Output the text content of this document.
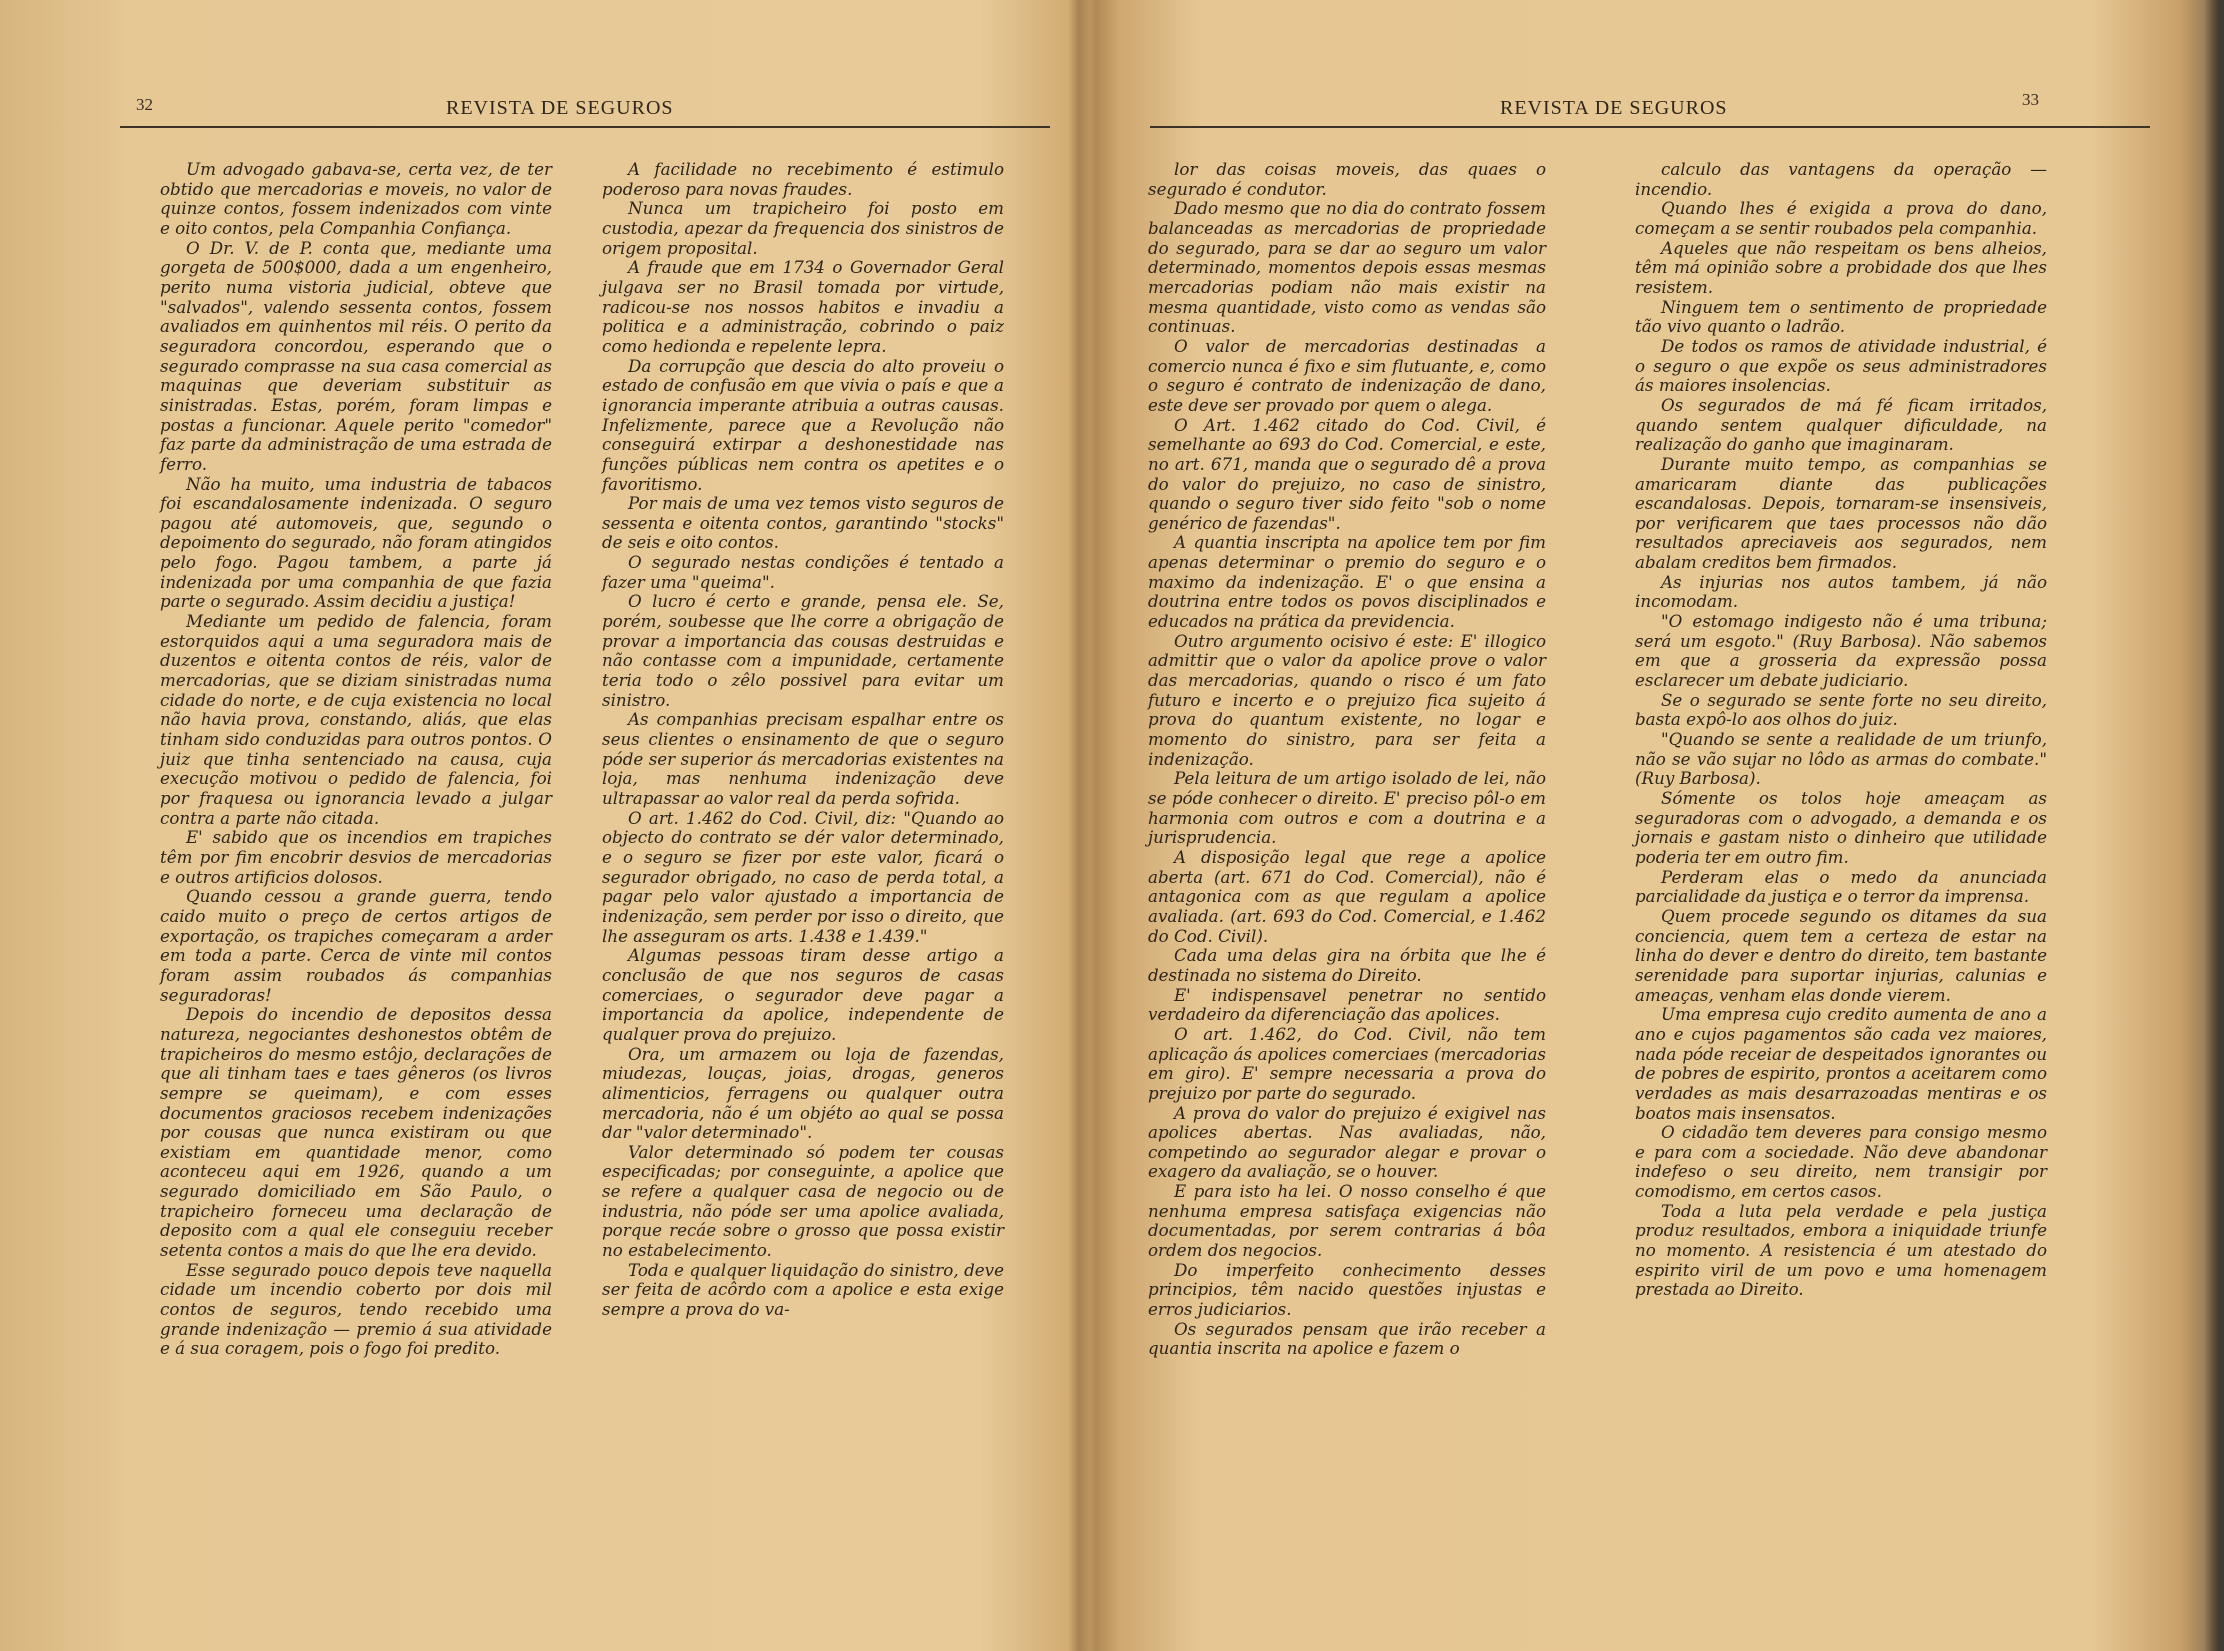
32	REVISTA DE SEGUROS

Um advogado gabava-se, certa vez, de ter obtido que mercadorias e moveis, no valor de quinze contos, fossem indenizados com vinte e oito contos, pela Companhia Confiança.

O Dr. V. de P. conta que, mediante uma gorgeta de 500$000, dada a um engenheiro, perito numa vistoria judicial, obteve que "salvados", valendo sessenta contos, fossem avaliados em quinhentos mil réis. O perito da seguradora concordou, esperando que o segurado comprasse na sua casa comercial as maquinas que deveriam substituir as sinistradas. Estas, porém, foram limpas e postas a funcionar. Aquele perito "comedor" faz parte da administração de uma estrada de ferro.

Não ha muito, uma industria de tabacos foi escandalosamente indenizada. O seguro pagou até automoveis, que, segundo o depoimento do segurado, não foram atingidos pelo fogo. Pagou tambem, a parte já indenizada por uma companhia de que fazia parte o segurado. Assim decidiu a justiça!

Mediante um pedido de falencia, foram estorquidos aqui a uma seguradora mais de duzentos e oitenta contos de réis, valor de mercadorias, que se diziam sinistradas numa cidade do norte, e de cuja existencia no local não havia prova, constando, aliás, que elas tinham sido conduzidas para outros pontos. O juiz que tinha sentenciado na causa, cuja execução motivou o pedido de falencia, foi por fraquesa ou ignorancia levado a julgar contra a parte não citada.

E' sabido que os incendios em trapiches têm por fim encobrir desvios de mercadorias e outros artificios dolosos.

Quando cessou a grande guerra, tendo caido muito o preço de certos artigos de exportação, os trapiches começaram a arder em toda a parte. Cerca de vinte mil contos foram assim roubados ás companhias seguradoras!

Depois do incendio de depositos dessa natureza, negociantes deshonestos obtêm de trapicheiros do mesmo estôjo, declarações de que ali tinham taes e taes gêneros (os livros sempre se queimam), e com esses documentos graciosos recebem indenizações por cousas que nunca existiram ou que existiam em quantidade menor, como aconteceu aqui em 1926, quando a um segurado domiciliado em São Paulo, o trapicheiro forneceu uma declaração de deposito com a qual ele conseguiu receber setenta contos a mais do que lhe era devido.

Esse segurado pouco depois teve naquella cidade um incendio coberto por dois mil contos de seguros, tendo recebido uma grande indenização — premio á sua atividade e á sua coragem, pois o fogo foi predito.

A facilidade no recebimento é estimulo poderoso para novas fraudes.

Nunca um trapicheiro foi posto em custodia, apezar da frequencia dos sinistros de origem proposital.

A fraude que em 1734 o Governador Geral julgava ser no Brasil tomada por virtude, radicou-se nos nossos habitos e invadiu a politica e a administração, cobrindo o paiz como hedionda e repelente lepra.

Da corrupção que descia do alto proveiu o estado de confusão em que vivia o país e que a ignorancia imperante atribuia a outras causas. Infelizmente, parece que a Revolução não conseguirá extirpar a deshonestidade nas funções públicas nem contra os apetites e o favoritismo.

Por mais de uma vez temos visto seguros de sessenta e oitenta contos, garantindo "stocks" de seis e oito contos.

O segurado nestas condições é tentado a fazer uma "queima".

O lucro é certo e grande, pensa ele. Se, porém, soubesse que lhe corre a obrigação de provar a importancia das cousas destruidas e não contasse com a impunidade, certamente teria todo o zêlo possivel para evitar um sinistro.

As companhias precisam espalhar entre os seus clientes o ensinamento de que o seguro póde ser superior ás mercadorias existentes na loja, mas nenhuma indenização deve ultrapassar ao valor real da perda sofrida.

O art. 1.462 do Cod. Civil, diz: "Quando ao objecto do contrato se dér valor determinado, e o seguro se fizer por este valor, ficará o segurador obrigado, no caso de perda total, a pagar pelo valor ajustado a importancia de indenização, sem perder por isso o direito, que lhe asseguram os arts. 1.438 e 1.439."

Algumas pessoas tiram desse artigo a conclusão de que nos seguros de casas comerciaes, o segurador deve pagar a importancia da apolice, independente de qualquer prova do prejuizo.

Ora, um armazem ou loja de fazendas, miudezas, louças, joias, drogas, generos alimenticios, ferragens ou qualquer outra mercadoria, não é um objéto ao qual se possa dar "valor determinado".

Valor determinado só podem ter cousas especificadas; por conseguinte, a apolice que se refere a qualquer casa de negocio ou de industria, não póde ser uma apolice avaliada, porque recáe sobre o grosso que possa existir no estabelecimento.

Toda e qualquer liquidação do sinistro, deve ser feita de acôrdo com a apolice e esta exige sempre a prova do va-

REVISTA DE SEGUROS	33

lor das coisas moveis, das quaes o segurado é condutor.

Dado mesmo que no dia do contrato fossem balanceadas as mercadorias de propriedade do segurado, para se dar ao seguro um valor determinado, momentos depois essas mesmas mercadorias podiam não mais existir na mesma quantidade, visto como as vendas são continuas.

O valor de mercadorias destinadas a comercio nunca é fixo e sim flutuante, e, como o seguro é contrato de indenização de dano, este deve ser provado por quem o alega.

O Art. 1.462 citado do Cod. Civil, é semelhante ao 693 do Cod. Comercial, e este, no art. 671, manda que o segurado dê a prova do valor do prejuizo, no caso de sinistro, quando o seguro tiver sido feito "sob o nome genérico de fazendas".

A quantia inscripta na apolice tem por fim apenas determinar o premio do seguro e o maximo da indenização. E' o que ensina a doutrina entre todos os povos disciplinados e educados na prática da previdencia.

Outro argumento ocisivo é este: E' illogico admittir que o valor da apolice prove o valor das mercadorias, quando o risco é um fato futuro e incerto e o prejuizo fica sujeito á prova do quantum existente, no logar e momento do sinistro, para ser feita a indenização.

Pela leitura de um artigo isolado de lei, não se póde conhecer o direito. E' preciso pôl-o em harmonia com outros e com a doutrina e a jurisprudencia.

A disposição legal que rege a apolice aberta (art. 671 do Cod. Comercial), não é antagonica com as que regulam a apolice avaliada. (art. 693 do Cod. Comercial, e 1.462 do Cod. Civil).

Cada uma delas gira na órbita que lhe é destinada no sistema do Direito.

E' indispensavel penetrar no sentido verdadeiro da diferenciação das apolices.

O art. 1.462, do Cod. Civil, não tem aplicação ás apolices comerciaes (mercadorias em giro). E' sempre necessaria a prova do prejuizo por parte do segurado.

A prova do valor do prejuizo é exigivel nas apolices abertas. Nas avaliadas, não, competindo ao segurador alegar e provar o exagero da avaliação, se o houver.

E para isto ha lei. O nosso conselho é que nenhuma empresa satisfaça exigencias não documentadas, por serem contrarias á bôa ordem dos negocios.

Do imperfeito conhecimento desses principios, têm nacido questões injustas e erros judiciarios.

Os segurados pensam que irão receber a quantia inscrita na apolice e fazem o

calculo das vantagens da operação — incendio.

Quando lhes é exigida a prova do dano, começam a se sentir roubados pela companhia.

Aqueles que não respeitam os bens alheios, têm má opinião sobre a probidade dos que lhes resistem.

Ninguem tem o sentimento de propriedade tão vivo quanto o ladrão.

De todos os ramos de atividade industrial, é o seguro o que expõe os seus administradores ás maiores insolencias.

Os segurados de má fé ficam irritados, quando sentem qualquer dificuldade, na realização do ganho que imaginaram.

Durante muito tempo, as companhias se amaricaram diante das publicações escandalosas. Depois, tornaram-se insensiveis, por verificarem que taes processos não dão resultados apreciaveis aos segurados, nem abalam creditos bem firmados.

As injurias nos autos tambem, já não incomodam.

"O estomago indigesto não é uma tribuna; será um esgoto." (Ruy Barbosa). Não sabemos em que a grosseria da expressão possa esclarecer um debate judiciario.

Se o segurado se sente forte no seu direito, basta expô-lo aos olhos do juiz.

"Quando se sente a realidade de um triunfo, não se vão sujar no lôdo as armas do combate." (Ruy Barbosa).

Sómente os tolos hoje ameaçam as seguradoras com o advogado, a demanda e os jornais e gastam nisto o dinheiro que utilidade poderia ter em outro fim.

Perderam elas o medo da anunciada parcialidade da justiça e o terror da imprensa.

Quem procede segundo os ditames da sua conciencia, quem tem a certeza de estar na linha do dever e dentro do direito, tem bastante serenidade para suportar injurias, calunias e ameaças, venham elas donde vierem.

Uma empresa cujo credito aumenta de ano a ano e cujos pagamentos são cada vez maiores, nada póde receiar de despeitados ignorantes ou de pobres de espirito, prontos a aceitarem como verdades as mais desarrazoadas mentiras e os boatos mais insensatos.

O cidadão tem deveres para consigo mesmo e para com a sociedade. Não deve abandonar indefeso o seu direito, nem transigir por comodismo, em certos casos.

Toda a luta pela verdade e pela justiça produz resultados, embora a iniquidade triunfe no momento. A resistencia é um atestado do espirito viril de um povo e uma homenagem prestada ao Direito.
